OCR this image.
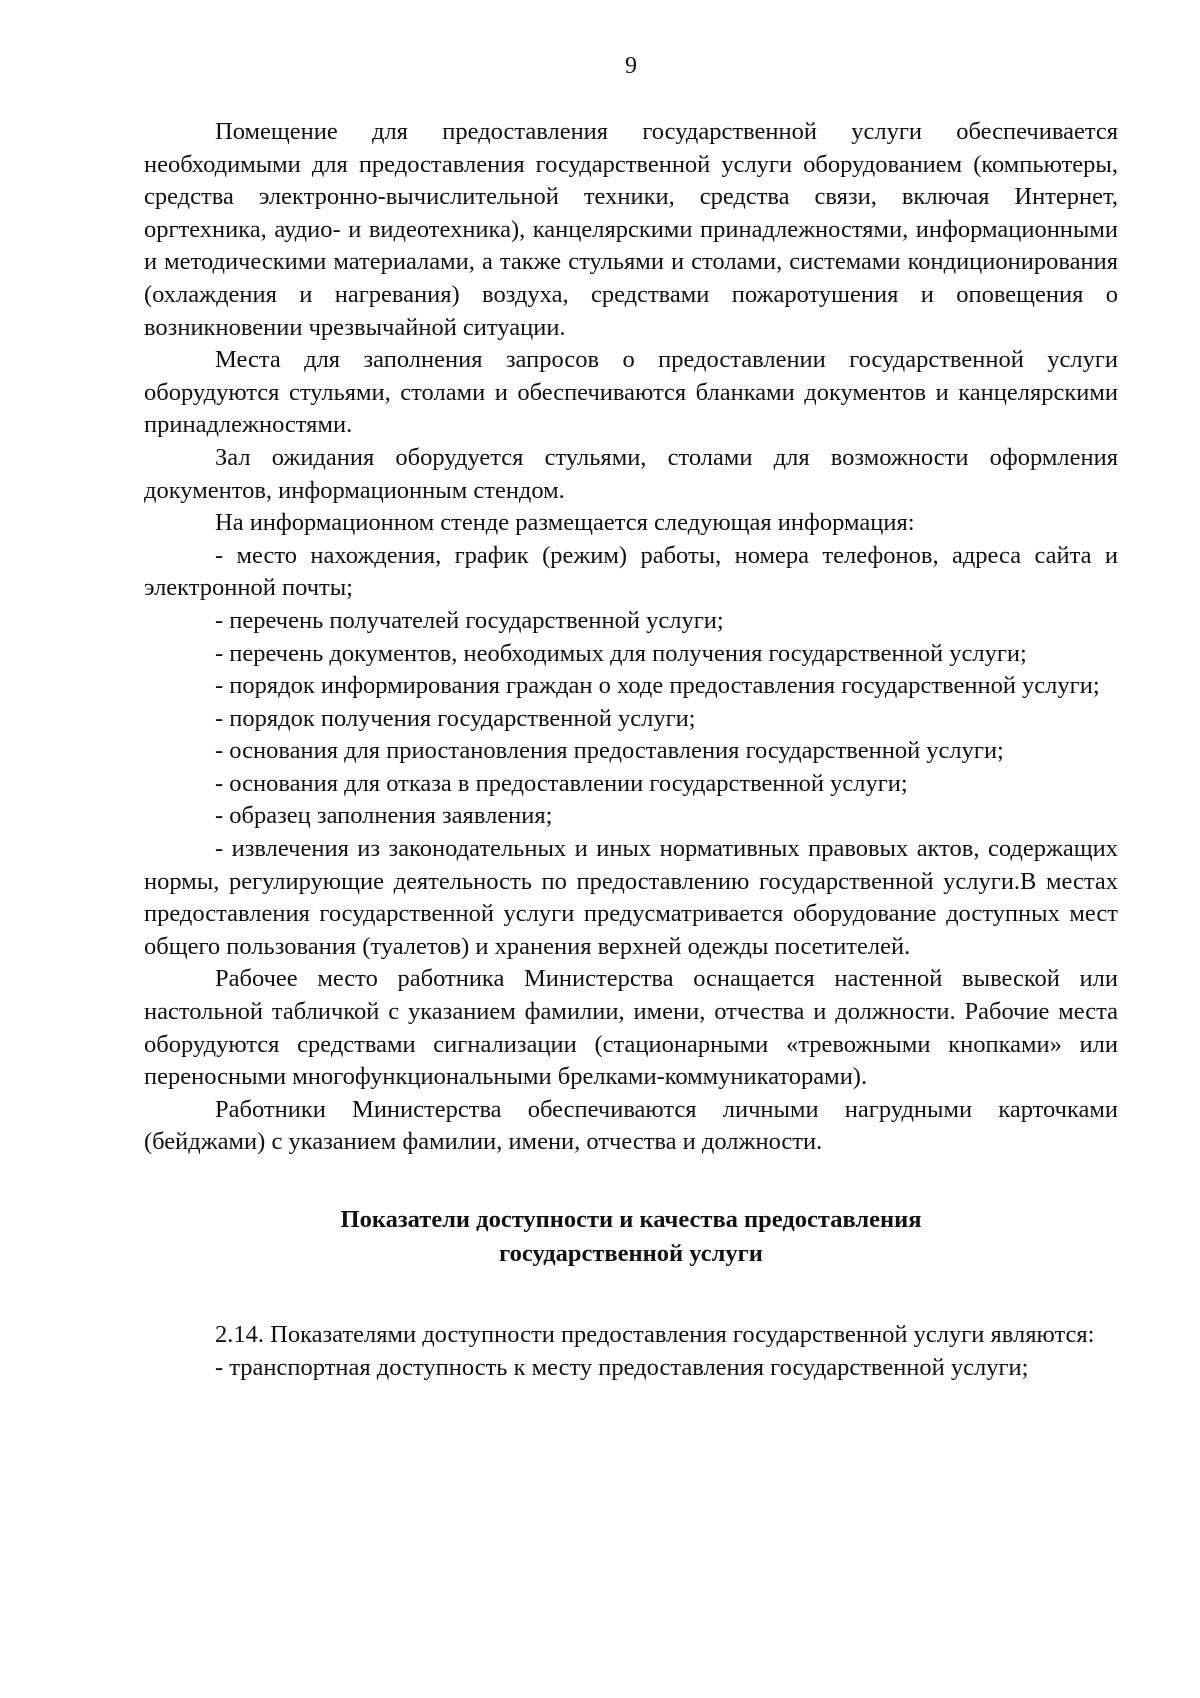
9

Помещение для предоставления государственной услуги обеспечивается необходимыми для предоставления государственной услуги оборудованием (компьютеры, средства электронно-вычислительной техники, средства связи, включая Интернет, оргтехника, аудио- и видеотехника), канцелярскими принадлежностями, информационными и методическими материалами, а также стульями и столами, системами кондиционирования (охлаждения и нагревания) воздуха, средствами пожаротушения и оповещения о возникновении чрезвычайной ситуации.

Места для заполнения запросов о предоставлении государственной услуги оборудуются стульями, столами и обеспечиваются бланками документов и канцелярскими принадлежностями.

Зал ожидания оборудуется стульями, столами для возможности оформления документов, информационным стендом.

На информационном стенде размещается следующая информация:

- место нахождения, график (режим) работы, номера телефонов, адреса сайта и электронной почты;

- перечень получателей государственной услуги;

- перечень документов, необходимых для получения государственной услуги;

- порядок информирования граждан о ходе предоставления государственной услуги;

- порядок получения государственной услуги;

- основания для приостановления предоставления государственной услуги;

- основания для отказа в предоставлении государственной услуги;

- образец заполнения заявления;

- извлечения из законодательных и иных нормативных правовых актов, содержащих нормы, регулирующие деятельность по предоставлению государственной услуги.В местах предоставления государственной услуги предусматривается оборудование доступных мест общего пользования (туалетов) и хранения верхней одежды посетителей.

Рабочее место работника Министерства оснащается настенной вывеской или настольной табличкой с указанием фамилии, имени, отчества и должности. Рабочие места оборудуются средствами сигнализации (стационарными «тревожными кнопками» или переносными многофункциональными брелками-коммуникаторами).

Работники Министерства обеспечиваются личными нагрудными карточками (бейджами) с указанием фамилии, имени, отчества и должности.

Показатели доступности и качества предоставления
государственной услуги

2.14. Показателями доступности предоставления государственной услуги являются:

- транспортная доступность к месту предоставления государственной услуги;
